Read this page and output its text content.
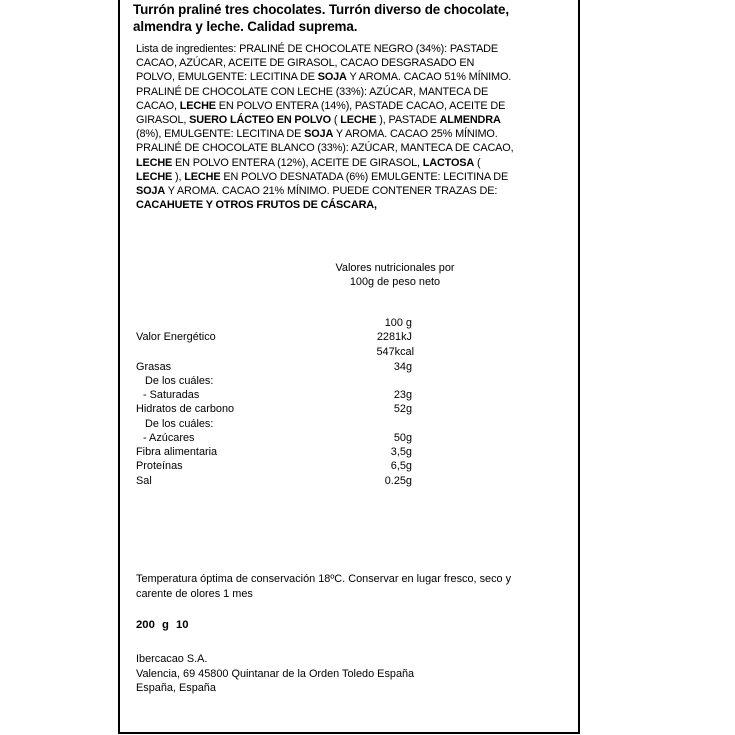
Turrón praliné tres chocolates. Turrón diverso de chocolate,
almendra y leche. Calidad suprema.
Lista de ingredientes: PRALINÉ DE CHOCOLATE NEGRO (34%): PASTADE
CACAO, AZÚCAR, ACEITE DE GIRASOL, CACAO DESGRASADO EN
POLVO, EMULGENTE: LECITINA DE SOJA Y AROMA. CACAO 51% MÍNIMO.
PRALINÉ DE CHOCOLATE CON LECHE (33%): AZÚCAR, MANTECA DE
CACAO, LECHE EN POLVO ENTERA (14%), PASTADE CACAO, ACEITE DE
GIRASOL, SUERO LÁCTEO EN POLVO ( LECHE ), PASTADE ALMENDRA
(8%), EMULGENTE: LECITINA DE SOJA Y AROMA. CACAO 25% MÍNIMO.
PRALINÉ DE CHOCOLATE BLANCO (33%): AZÚCAR, MANTECA DE CACAO,
LECHE EN POLVO ENTERA (12%), ACEITE DE GIRASOL, LACTOSA (
LECHE ), LECHE EN POLVO DESNATADA (6%) EMULGENTE: LECITINA DE
SOJA Y AROMA. CACAO 21% MÍNIMO. PUEDE CONTENER TRAZAS DE:
CACAHUETE Y OTROS FRUTOS DE CÁSCARA,
Valores nutricionales por
100g de peso neto
100 g
Valor Energético	2281kJ
547kcal
Grasas	34g
De los cuáles:
- Saturadas	23g
Hidratos de carbono	52g
De los cuáles:
- Azúcares	50g
Fibra alimentaria	3,5g
Proteínas	6,5g
Sal	0.25g
Temperatura óptima de conservación 18ºC. Conservar en lugar fresco, seco y
carente de olores 1 mes
200 g 10
Ibercacao S.A.
Valencia, 69 45800 Quintanar de la Orden Toledo España
España, España
